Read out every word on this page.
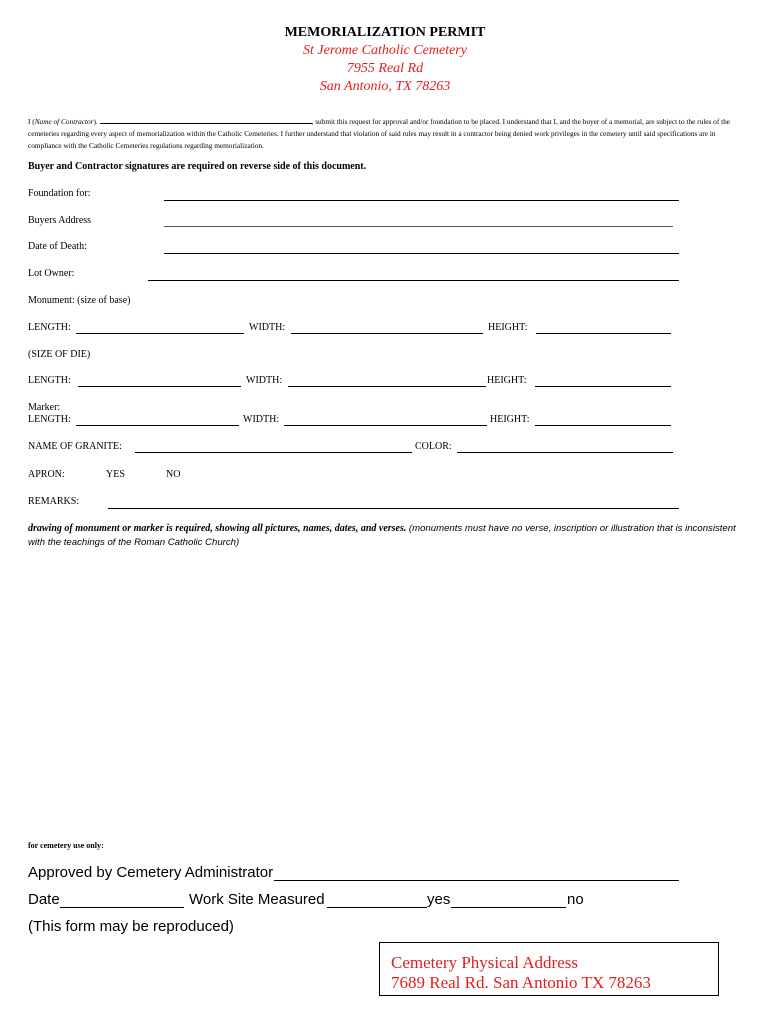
MEMORIALIZATION PERMIT
St Jerome Catholic Cemetery
7955 Real Rd
San Antonio, TX 78263
I (Name of Contractor).	, submit this request for approval and/or foundation to be placed. I understand that I, and the buyer of a memorial, are subject to the rules of the cemeteries regarding every aspect of memorialization within the Catholic Cemeteries. I further understand that violation of said rules may result in a contractor being denied work privileges in the cemetery until said specifications are in compliance with the Catholic Cemeteries regulations regarding memorialization.
Buyer and Contractor signatures are required on reverse side of this document.
Foundation for:
Buyers Address
Date of Death:
Lot Owner:
Monument: (size of base)
LENGTH:	WIDTH:	HEIGHT:
(SIZE OF DIE)
LENGTH:	WIDTH:	HEIGHT:
Marker:
LENGTH:	WIDTH:	HEIGHT:
NAME OF GRANITE:	COLOR:
APRON:	YES	NO
REMARKS:
drawing of monument or marker is required, showing all pictures, names, dates, and verses. (monuments must have no verse, inscription or illustration that is inconsistent with the teachings of the Roman Catholic Church)
for cemetery use only:
Approved by Cemetery Administrator
Date	Work Site Measured	yes	no
(This form may be reproduced)
Cemetery Physical Address
7689 Real Rd. San Antonio TX 78263
